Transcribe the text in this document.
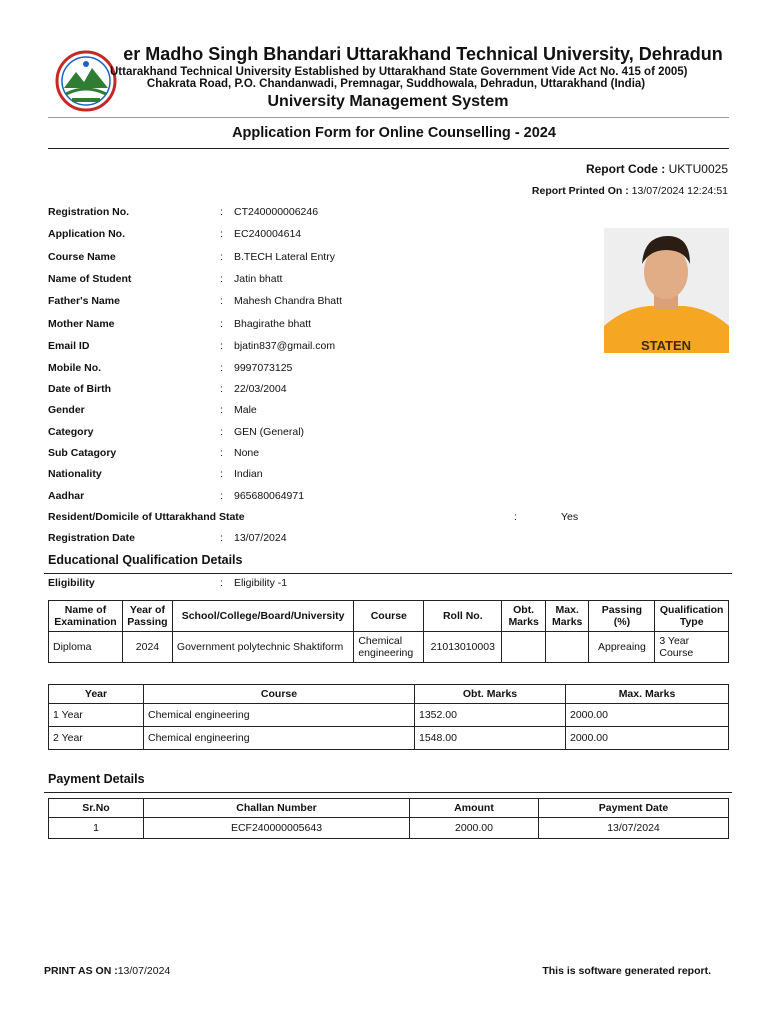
er Madho Singh Bhandari Uttarakhand Technical University, Dehradun
Uttarakhand Technical University Established by Uttarakhand State Government Vide Act No. 415 of 2005)
Chakrata Road, P.O. Chandanwadi, Premnagar, Suddhowala, Dehradun, Uttarakhand (India)
University Management System
Application Form for Online Counselling - 2024
Report Code : UKTU0025
Report Printed On : 13/07/2024 12:24:51
Registration No.	: CT240000006246
Application No.	: EC240004614
Course Name	: B.TECH Lateral Entry
Name of Student	: Jatin bhatt
Father's Name	: Mahesh Chandra Bhatt
Mother Name	: Bhagirathe bhatt
Email ID	: bjatin837@gmail.com
Mobile No.	: 9997073125
Date of Birth	: 22/03/2004
Gender	: Male
Category	: GEN (General)
Sub Catagory	: None
Nationality	: Indian
Aadhar	: 965680064971
Resident/Domicile of Uttarakhand State	:	Yes
Registration Date	: 13/07/2024
STATEN
Educational Qualification Details
Eligibility	: Eligibility -1
Name of Examination	Year of Passing	School/College/Board/University	Course	Roll No.	Obt. Marks	Max. Marks	Passing (%)	Qualification Type
Diploma	2024	Government polytechnic Shaktiform	Chemical engineering	21013010003			Appreaing	3 Year Course
Year	Course	Obt. Marks	Max. Marks
1 Year	Chemical engineering	1352.00	2000.00
2 Year	Chemical engineering	1548.00	2000.00
Payment Details
Sr.No	Challan Number	Amount	Payment Date
1	ECF240000005643	2000.00	13/07/2024
PRINT AS ON :13/07/2024	This is software generated report.
